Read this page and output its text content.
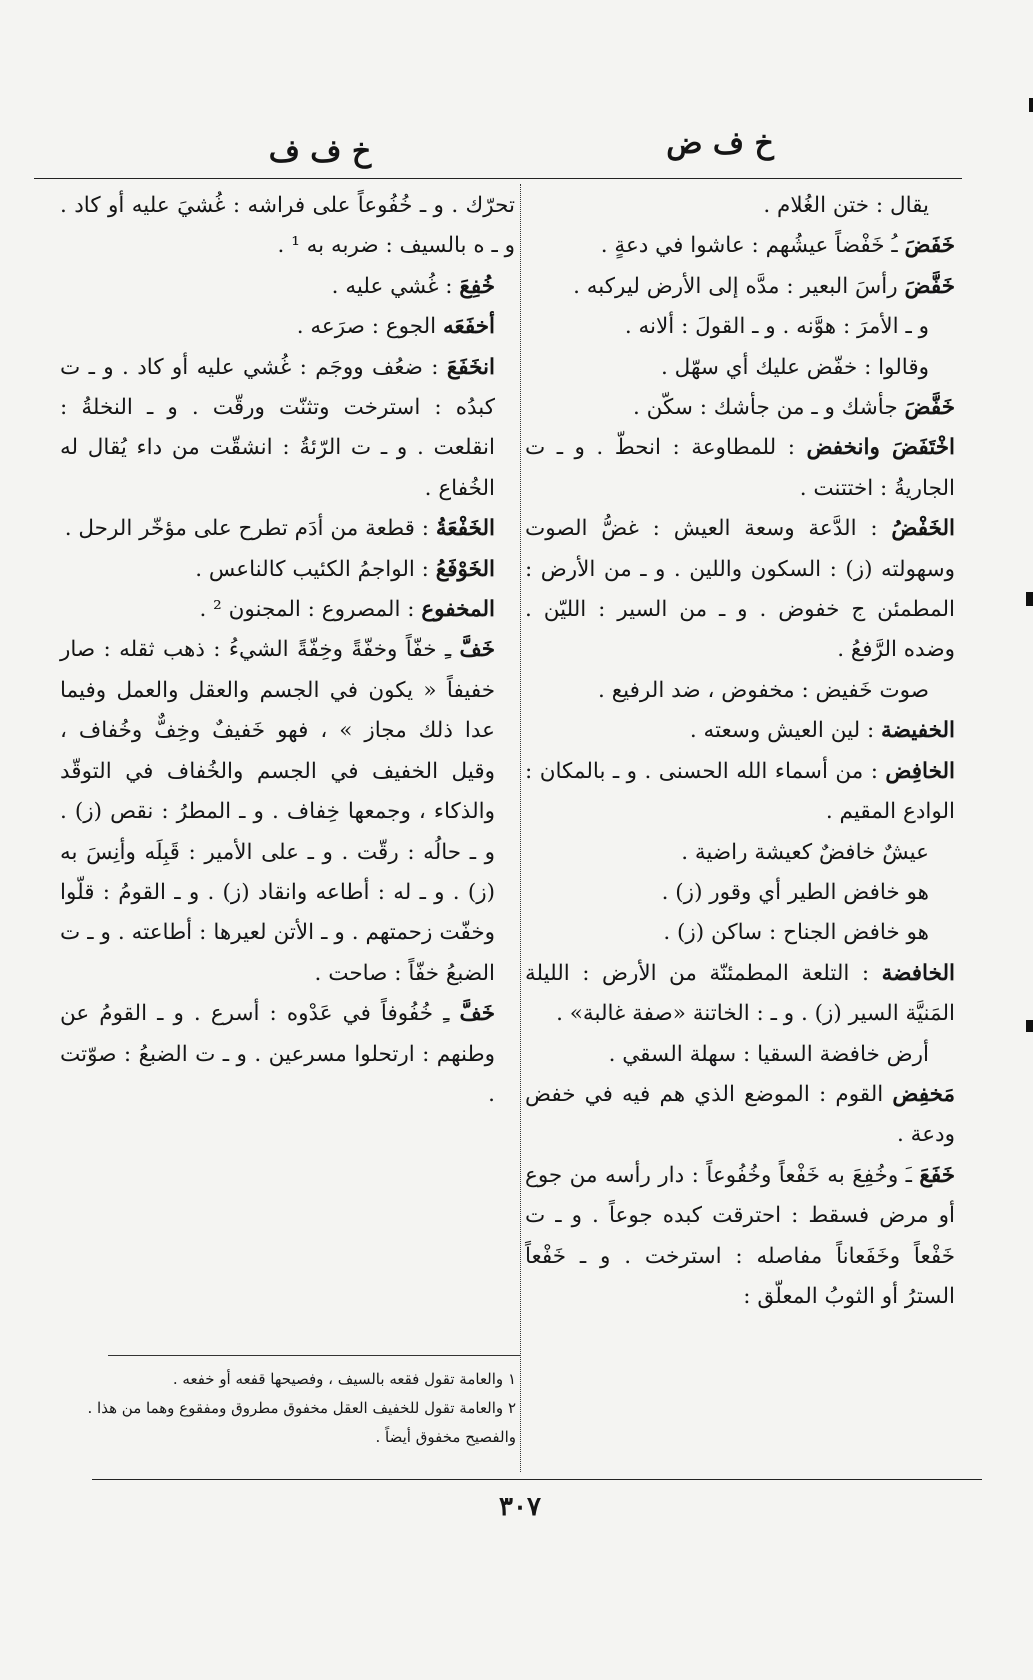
خ ف ض
خ ف ف

يقال : ختن الغُلام .

خَفَضَ ـُ خَفْضاً عيشُهم : عاشوا في دعةٍ .

خَفَّضَ رأسَ البعير : مدَّه إلى الأرض ليركبه .

و ـ الأمرَ : هوَّنه . و ـ القولَ : ألانه .

وقالوا : خفّض عليك أي سهّل .

خَفَّضَ جأشك و ـ من جأشك : سكّن .

اخْتَفَضَ وانخفض : للمطاوعة : انحطّ . و ـ ت الجاريةُ : اختتنت .

الخَفْضُ : الدَّعة وسعة العيش : غضُّ الصوت وسهولته (ز) : السكون واللين . و ـ من الأرض : المطمئن ج خفوض . و ـ من السير : الليّن . وضده الرَّفعُ .

صوت خَفيض : مخفوض ، ضد الرفيع .

الخفيضة : لين العيش وسعته .

الخافِض : من أسماء الله الحسنى . و ـ بالمكان : الوادع المقيم .

عيشٌ خافضٌ كعيشة راضية .

هو خافض الطير أي وقور (ز) .

هو خافض الجناح : ساكن (ز) .

الخافضة : التلعة المطمئنّة من الأرض : الليلة المَنيَّة السير (ز) . و ـ : الخاتنة «صفة غالبة» .

أرض خافضة السقيا : سهلة السقي .

مَخفِض القوم : الموضع الذي هم فيه في خفض ودعة .

خَفَعَ ـَ وخُفِعَ به خَفْعاً وخُفُوعاً : دار رأسه من جوع أو مرض فسقط : احترقت كبده جوعاً . و ـ ت خَفْعاً وخَفَعاناً مفاصله : استرخت . و ـ خَفْعاً السترُ أو الثوبُ المعلّق :

تحرّك . و ـ خُفُوعاً على فراشه : غُشيَ عليه أو كاد . و ـ ه بالسيف : ضربه به ¹ .

خُفِعَ : غُشي عليه .

أخفَعَه الجوع : صرَعه .

انخَفَعَ : ضعُف ووجَم : غُشي عليه أو كاد . و ـ ت كبدُه : استرخت وتثنّت ورقّت . و ـ النخلةُ : انقلعت . و ـ ت الرّئةُ : انشقّت من داء يُقال له الخُفاع .

الخَفْعَةُ : قطعة من أدَم تطرح على مؤخّر الرحل .

الخَوْفَعُ : الواجمُ الكئيب كالناعس .

المخفوع : المصروع : المجنون ² .

خَفَّ ـِ خفّاً وخفّةً وخِفّةً الشيءُ : ذهب ثقله : صار خفيفاً « يكون في الجسم والعقل والعمل وفيما عدا ذلك مجاز » ، فهو خَفيفٌ وخِفٌّ وخُفاف ، وقيل الخفيف في الجسم والخُفاف في التوقّد والذكاء ، وجمعها خِفاف . و ـ المطرُ : نقص (ز) . و ـ حالُه : رقّت . و ـ على الأمير : قَبِلَه وأنِسَ به (ز) . و ـ له : أطاعه وانقاد (ز) . و ـ القومُ : قلّوا وخفّت زحمتهم . و ـ الأتن لعيرها : أطاعته . و ـ ت الضبعُ خفّاً : صاحت .

خَفَّ ـِ خُفُوفاً في عَدْوه : أسرع . و ـ القومُ عن وطنهم : ارتحلوا مسرعين . و ـ ت الضبعُ : صوّتت .

١ والعامة تقول فقعه بالسيف ، وفصيحها قفعه أو خفعه .

٢ والعامة تقول للخفيف العقل مخفوق مطروق ومفقوع وهما من هذا . والفصيح مخفوق أيضاً .

٣٠٧
